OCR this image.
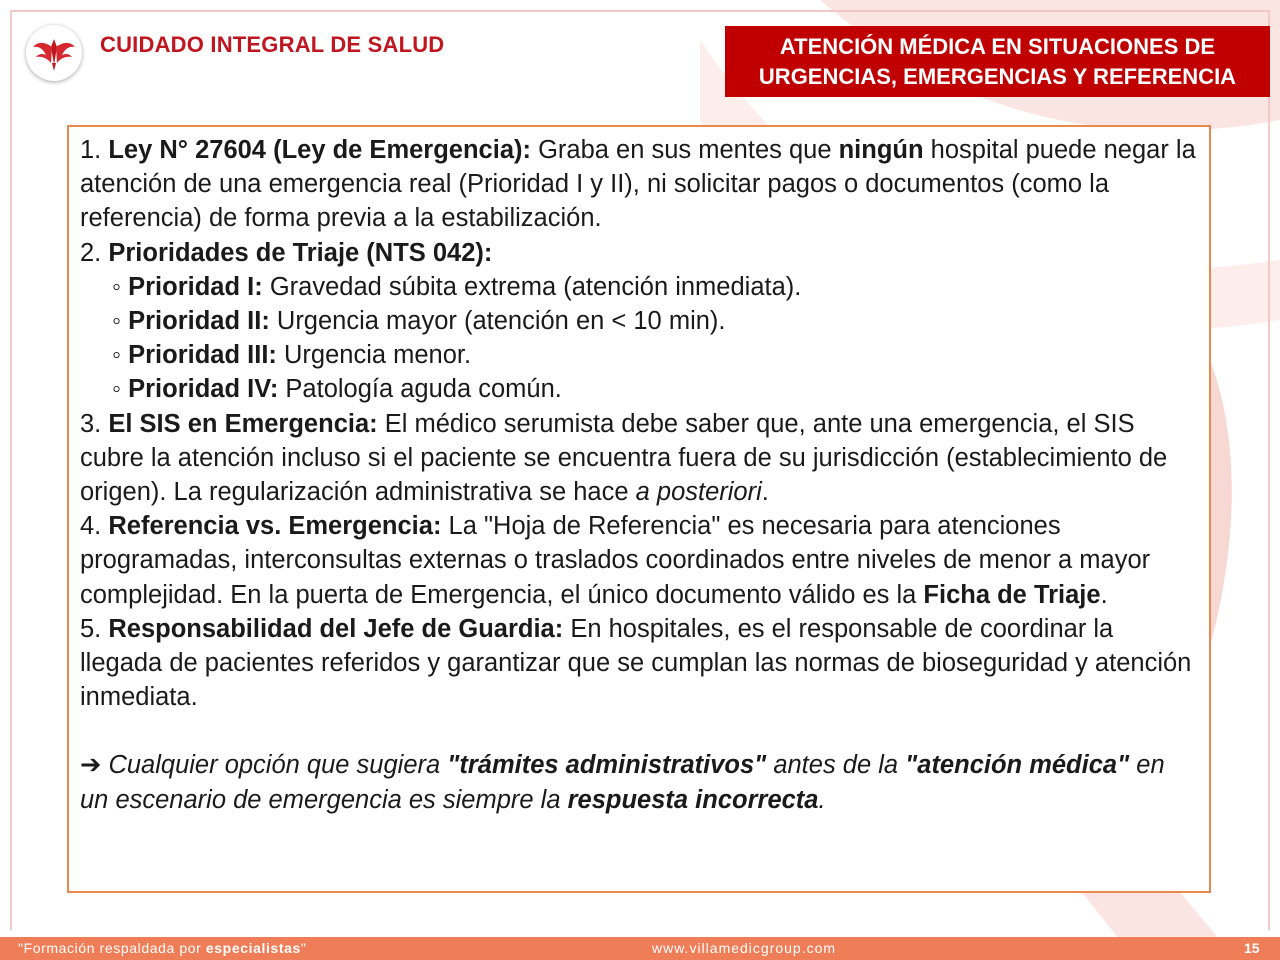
CUIDADO INTEGRAL DE SALUD	ATENCIÓN MÉDICA EN SITUACIONES DE
URGENCIAS, EMERGENCIAS Y REFERENCIA

1. Ley N° 27604 (Ley de Emergencia): Graba en sus mentes que ningún hospital puede negar la atención de una emergencia real (Prioridad I y II), ni solicitar pagos o documentos (como la referencia) de forma previa a la estabilización.

2. Prioridades de Triaje (NTS 042):

◦ Prioridad I: Gravedad súbita extrema (atención inmediata).

◦ Prioridad II: Urgencia mayor (atención en < 10 min).

◦ Prioridad III: Urgencia menor.

◦ Prioridad IV: Patología aguda común.

3. El SIS en Emergencia: El médico serumista debe saber que, ante una emergencia, el SIS cubre la atención incluso si el paciente se encuentra fuera de su jurisdicción (establecimiento de origen). La regularización administrativa se hace a posteriori.

4. Referencia vs. Emergencia: La "Hoja de Referencia" es necesaria para atenciones programadas, interconsultas externas o traslados coordinados entre niveles de menor a mayor complejidad. En la puerta de Emergencia, el único documento válido es la Ficha de Triaje.

5. Responsabilidad del Jefe de Guardia: En hospitales, es el responsable de coordinar la llegada de pacientes referidos y garantizar que se cumplan las normas de bioseguridad y atención inmediata.

➔ Cualquier opción que sugiera "trámites administrativos" antes de la "atención médica" en un escenario de emergencia es siempre la respuesta incorrecta.

"Formación respaldada por especialistas"	www.villamedicgroup.com	15
